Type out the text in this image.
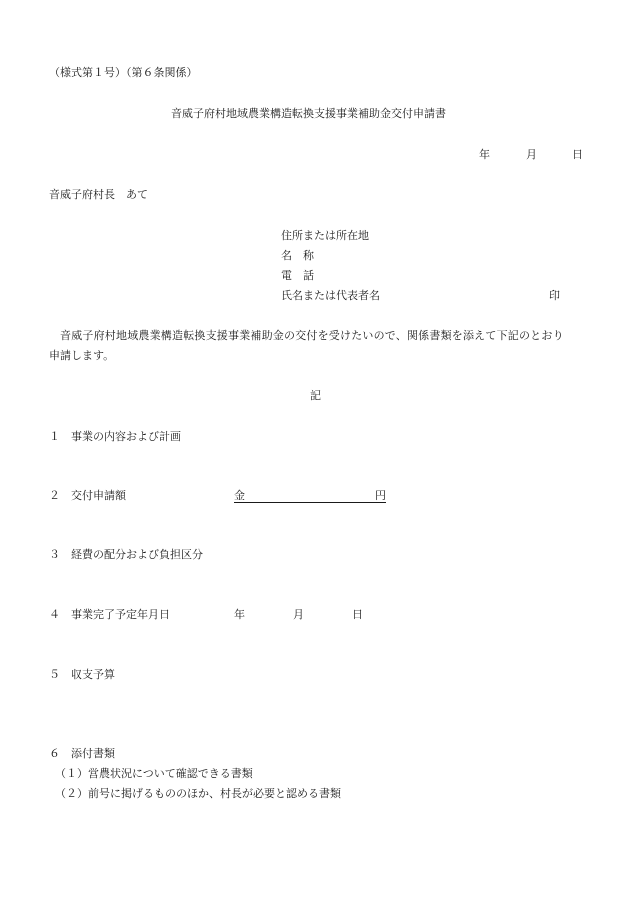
（様式第１号）（第６条関係）
音威子府村地域農業構造転換支援事業補助金交付申請書
年	月	日
音威子府村長 あて
住所または所在地
名 称
電 話
氏名または代表者名	印
音威子府村地域農業構造転換支援事業補助金の交付を受けたいので、関係書類を添えて下記のとおり
申請します。
記
１ 事業の内容および計画
２ 交付申請額	金	円
３ 経費の配分および負担区分
４ 事業完了予定年月日	年	月	日
５ 収支予算
６ 添付書類
（１）営農状況について確認できる書類
（２）前号に掲げるもののほか、村長が必要と認める書類
